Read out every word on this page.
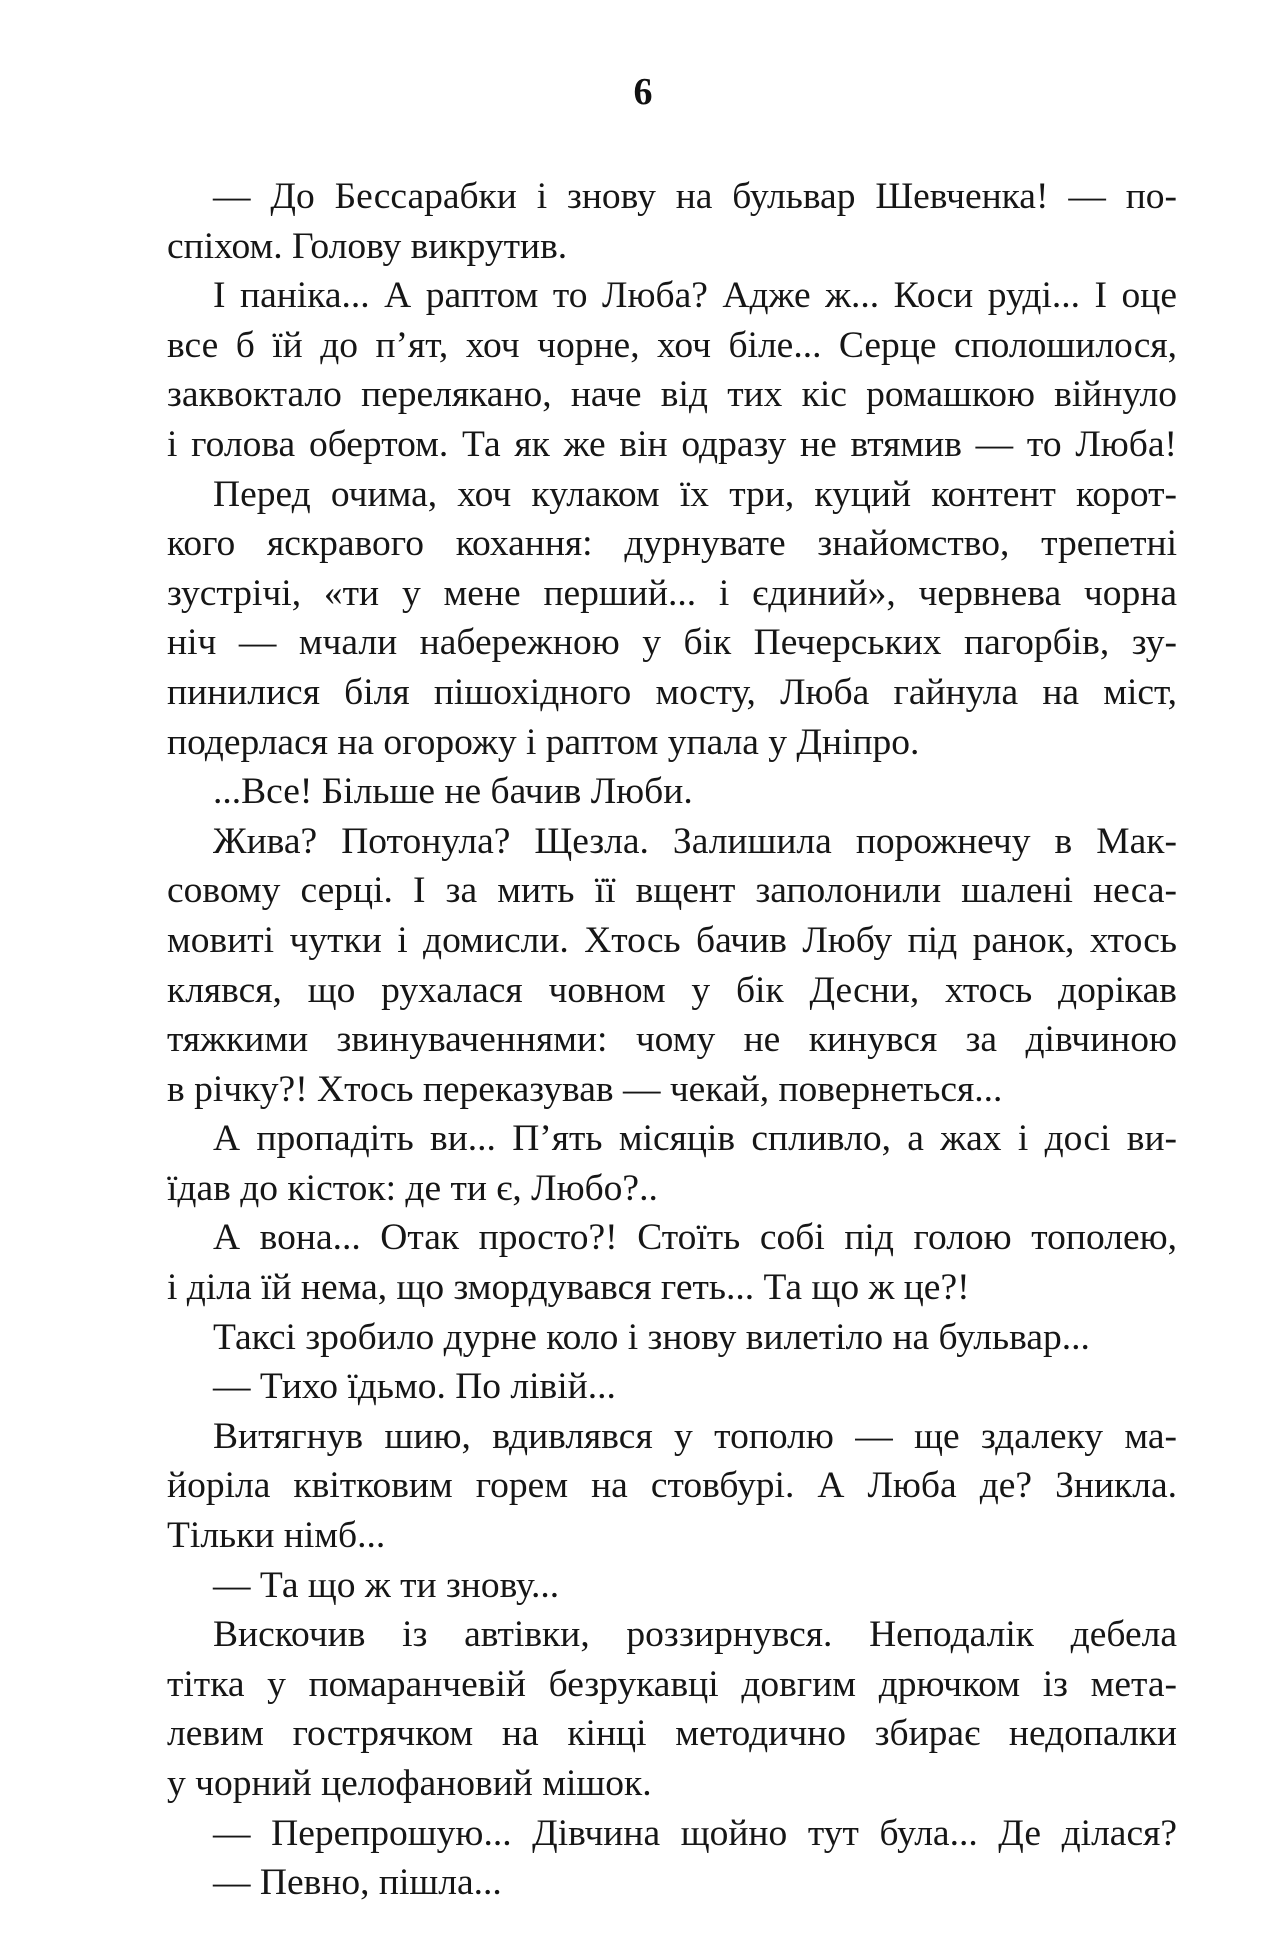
6
— До Бессарабки і знову на бульвар Шевченка! — по-
спіхом. Голову викрутив.
І паніка... А раптом то Люба? Адже ж... Коси руді... І оце
все б їй до п’ят, хоч чорне, хоч біле... Серце сполошилося,
заквоктало перелякано, наче від тих кіс ромашкою війнуло
і голова обертом. Та як же він одразу не втямив — то Люба!
Перед очима, хоч кулаком їх три, куций контент корот-
кого яскравого кохання: дурнувате знайомство, трепетні
зустрічі, «ти у мене перший... і єдиний», червнева чорна
ніч — мчали набережною у бік Печерських пагорбів, зу-
пинилися біля пішохідного мосту, Люба гайнула на міст,
подерлася на огорожу і раптом упала у Дніпро.
...Все! Більше не бачив Люби.
Жива? Потонула? Щезла. Залишила порожнечу в Мак-
совому серці. І за мить її вщент заполонили шалені неса-
мовиті чутки і домисли. Хтось бачив Любу під ранок, хтось
клявся, що рухалася човном у бік Десни, хтось дорікав
тяжкими звинуваченнями: чому не кинувся за дівчиною
в річку?! Хтось переказував — чекай, повернеться...
А пропадіть ви... П’ять місяців спливло, а жах і досі ви-
їдав до кісток: де ти є, Любо?..
А вона... Отак просто?! Стоїть собі під голою тополею,
і діла їй нема, що змордувався геть... Та що ж це?!
Таксі зробило дурне коло і знову вилетіло на бульвар...
— Тихо їдьмо. По лівій...
Витягнув шию, вдивлявся у тополю — ще здалеку ма-
йоріла квітковим горем на стовбурі. А Люба де? Зникла.
Тільки німб...
— Та що ж ти знову...
Вискочив із автівки, роззирнувся. Неподалік дебела
тітка у помаранчевій безрукавці довгим дрючком із мета-
левим гострячком на кінці методично збирає недопалки
у чорний целофановий мішок.
— Перепрошую... Дівчина щойно тут була... Де ділася?
— Певно, пішла...
